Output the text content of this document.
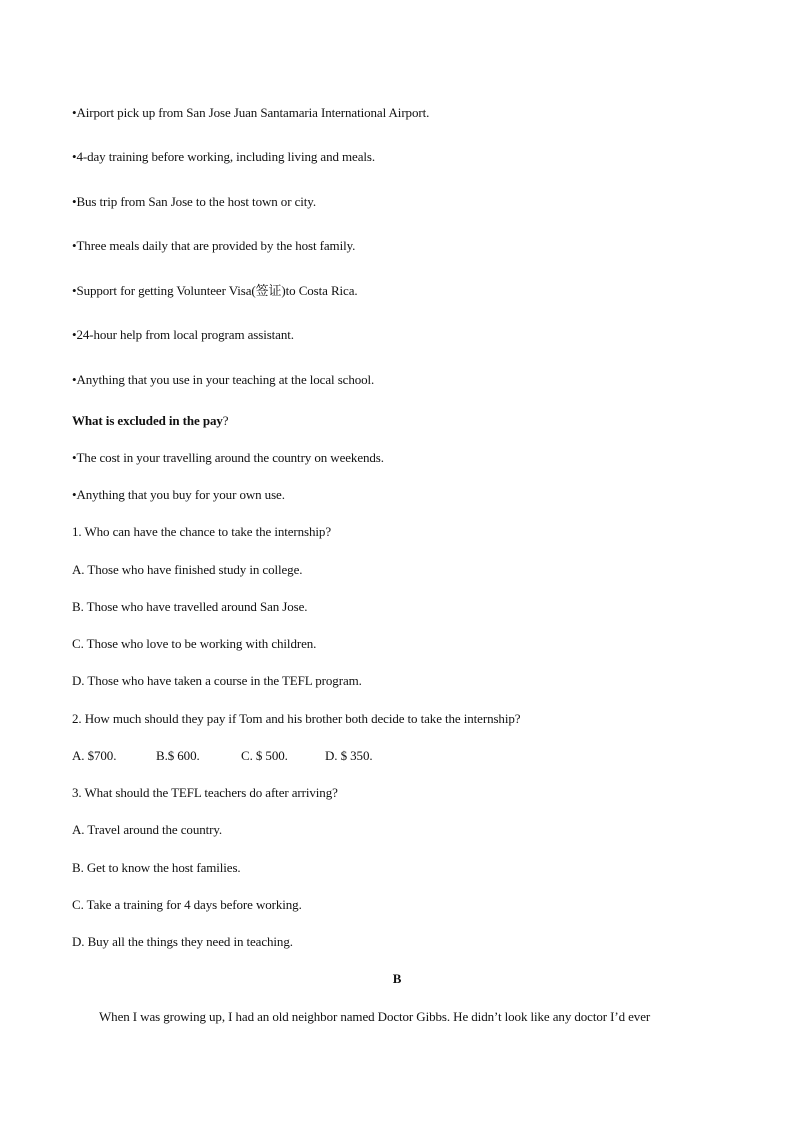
•Airport pick up from San Jose Juan Santamaria International Airport.
•4-day training before working, including living and meals.
•Bus trip from San Jose to the host town or city.
•Three meals daily that are provided by the host family.
•Support for getting Volunteer Visa(签证)to Costa Rica.
•24-hour help from local program assistant.
•Anything that you use in your teaching at the local school.
What is excluded in the pay?
•The cost in your travelling around the country on weekends.
•Anything that you buy for your own use.
1. Who can have the chance to take the internship?
A. Those who have finished study in college.
B. Those who have travelled around San Jose.
C. Those who love to be working with children.
D. Those who have taken a course in the TEFL program.
2. How much should they pay if Tom and his brother both decide to take the internship?
A. $700.	B.$ 600.	C. $ 500.	D. $ 350.
3. What should the TEFL teachers do after arriving?
A. Travel around the country.
B. Get to know the host families.
C. Take a training for 4 days before working.
D. Buy all the things they need in teaching.
B
When I was growing up, I had an old neighbor named Doctor Gibbs. He didn’t look like any doctor I’d ever
